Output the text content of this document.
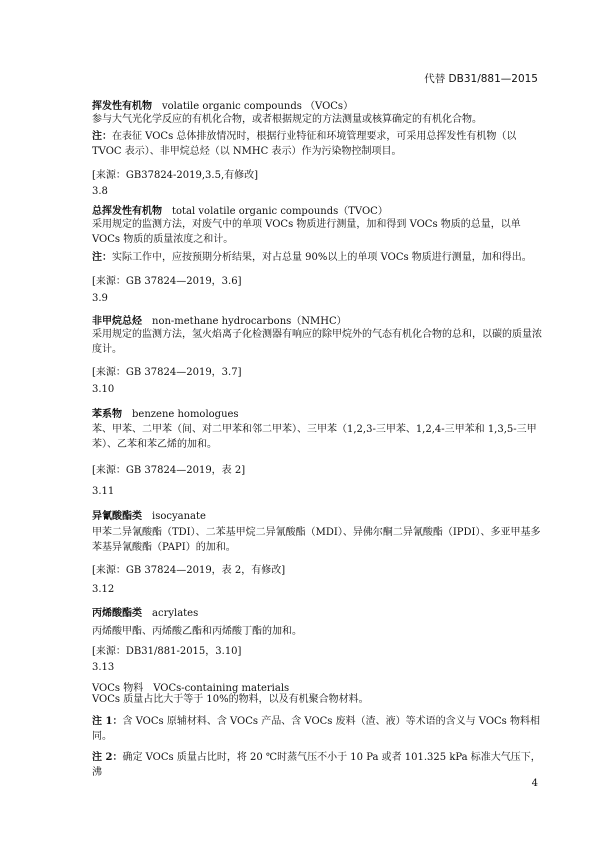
代替 DB31/881—2015
挥发性有机物 volatile organic compounds （VOCs）
参与大气光化学反应的有机化合物，或者根据规定的方法测量或核算确定的有机化合物。
注：在表征 VOCs 总体排放情况时，根据行业特征和环境管理要求，可采用总挥发性有机物（以 TVOC 表示）、非甲烷总烃（以 NMHC 表示）作为污染物控制项目。
[来源：GB37824-2019,3.5,有修改]
3.8
总挥发性有机物 total volatile organic compounds（TVOC）
采用规定的监测方法，对废气中的单项 VOCs 物质进行测量，加和得到 VOCs 物质的总量，以单 VOCs 物质的质量浓度之和计。
注：实际工作中，应按预期分析结果，对占总量 90%以上的单项 VOCs 物质进行测量，加和得出。
[来源：GB 37824—2019，3.6]
3.9
非甲烷总烃 non-methane hydrocarbons（NMHC）
采用规定的监测方法，氢火焰离子化检测器有响应的除甲烷外的气态有机化合物的总和，以碳的质量浓度计。
[来源：GB 37824—2019，3.7]
3.10
苯系物 benzene homologues
苯、甲苯、二甲苯（间、对二甲苯和邻二甲苯）、三甲苯（1,2,3-三甲苯、1,2,4-三甲苯和 1,3,5-三甲苯）、乙苯和苯乙烯的加和。
[来源：GB 37824—2019，表 2]
3.11
异氰酸酯类 isocyanate
甲苯二异氰酸酯（TDI）、二苯基甲烷二异氰酸酯（MDI）、异佛尔酮二异氰酸酯（IPDI）、多亚甲基多苯基异氰酸酯（PAPI）的加和。
[来源：GB 37824—2019，表 2，有修改]
3.12
丙烯酸酯类 acrylates
丙烯酸甲酯、丙烯酸乙酯和丙烯酸丁酯的加和。
[来源：DB31/881-2015，3.10]
3.13
VOCs 物料 VOCs-containing materials
VOCs 质量占比大于等于 10%的物料，以及有机聚合物材料。
注 1：含 VOCs 原辅材料、含 VOCs 产品、含 VOCs 废料（渣、液）等术语的含义与 VOCs 物料相同。
注 2：确定 VOCs 质量占比时，将 20 ℃时蒸气压不小于 10 Pa 或者 101.325 kPa 标准大气压下，沸
4
